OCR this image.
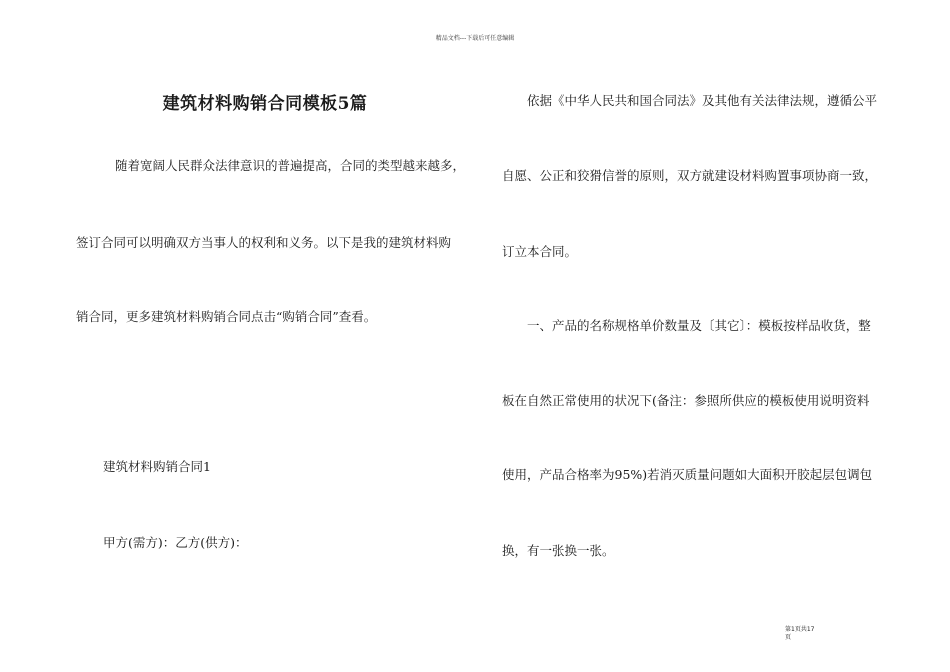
精品文档---下载后可任意编辑
建筑材料购销合同模板5篇
随着宽阔人民群众法律意识的普遍提高，合同的类型越来越多，
签订合同可以明确双方当事人的权利和义务。以下是我的建筑材料购
销合同，更多建筑材料购销合同点击“购销合同”查看。
建筑材料购销合同1
甲方(需方)：乙方(供方)：
依据《中华人民共和国合同法》及其他有关法律法规，遵循公平
自愿、公正和狡猾信誉的原则，双方就建设材料购置事项协商一致，
订立本合同。
一、产品的名称规格单价数量及〔其它〕：模板按样品收货，整
板在自然正常使用的状况下(备注：参照所供应的模板使用说明资料
使用，产品合格率为95%)若消灭质量问题如大面积开胶起层包调包
换，有一张换一张。
第1页共17
页
